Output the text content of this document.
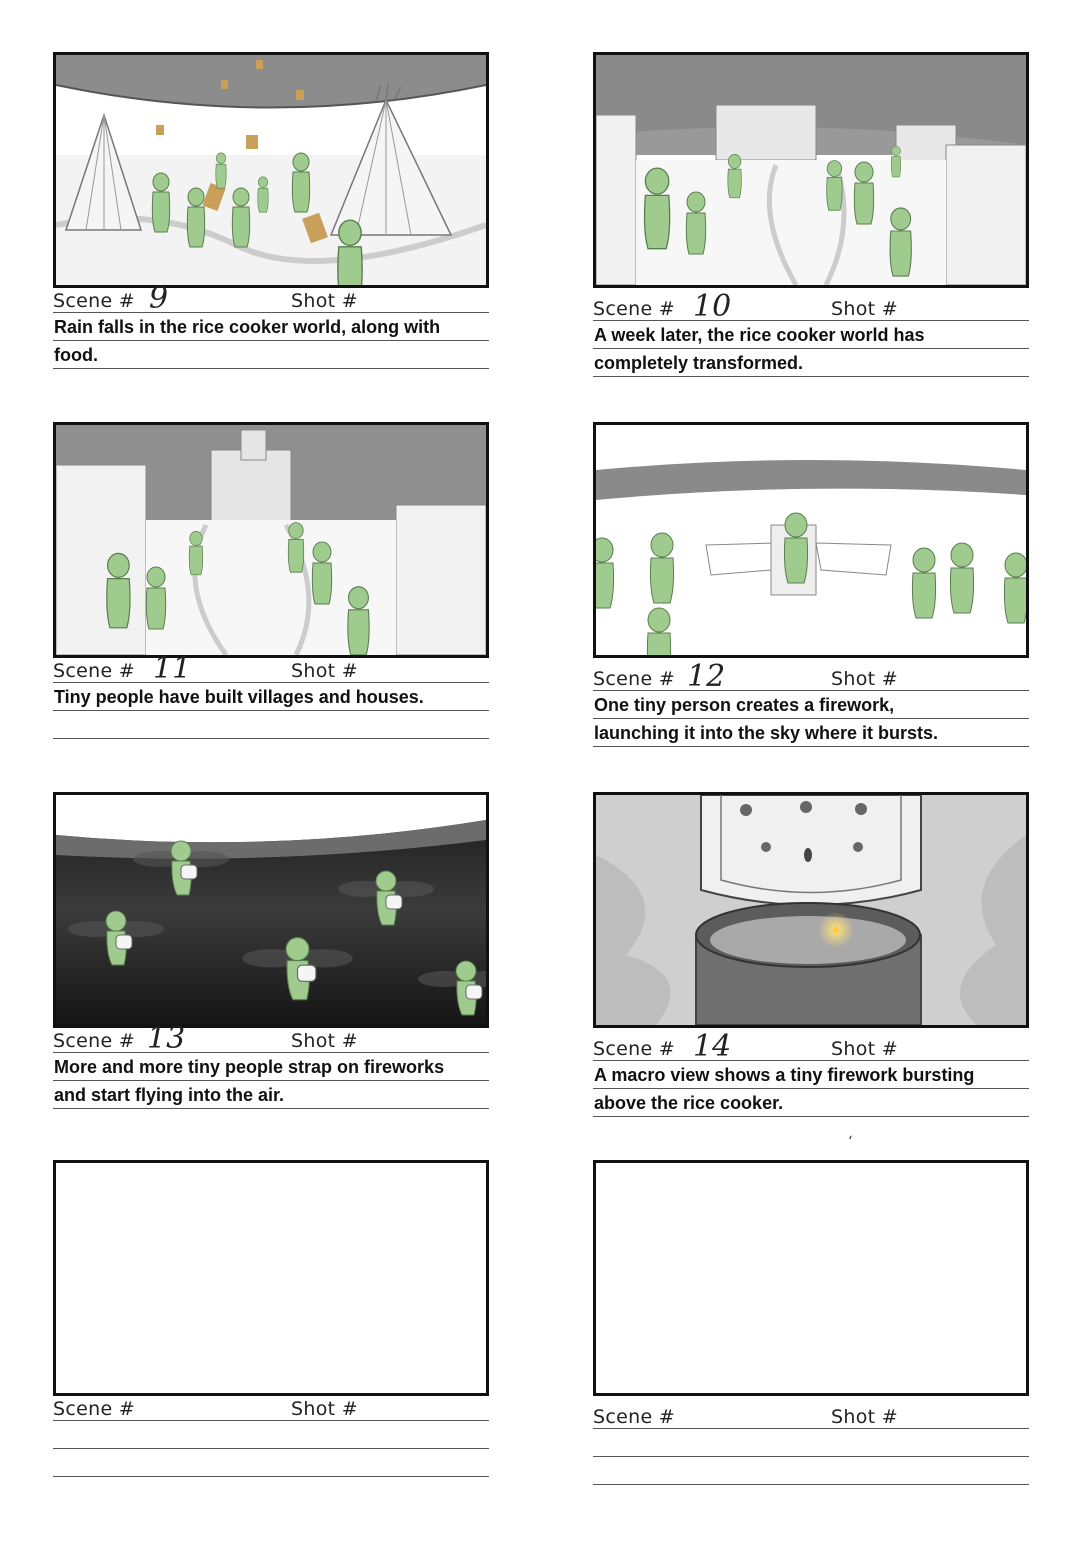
Scene # 9	Shot #
Rain falls in the rice cooker world, along with
food.
Scene # 10	Shot #
A week later, the rice cooker world has
completely transformed.
Scene # 11	Shot #
Tiny people have built villages and houses.
Scene # 12	Shot #
One tiny person creates a firework,
launching it into the sky where it bursts.
Scene # 13	Shot #
More and more tiny people strap on fireworks
and start flying into the air.
Scene # 14	Shot #
A macro view shows a tiny firework bursting
above the rice cooker.
ʻ
Scene #	Shot #	Scene #	Shot #
